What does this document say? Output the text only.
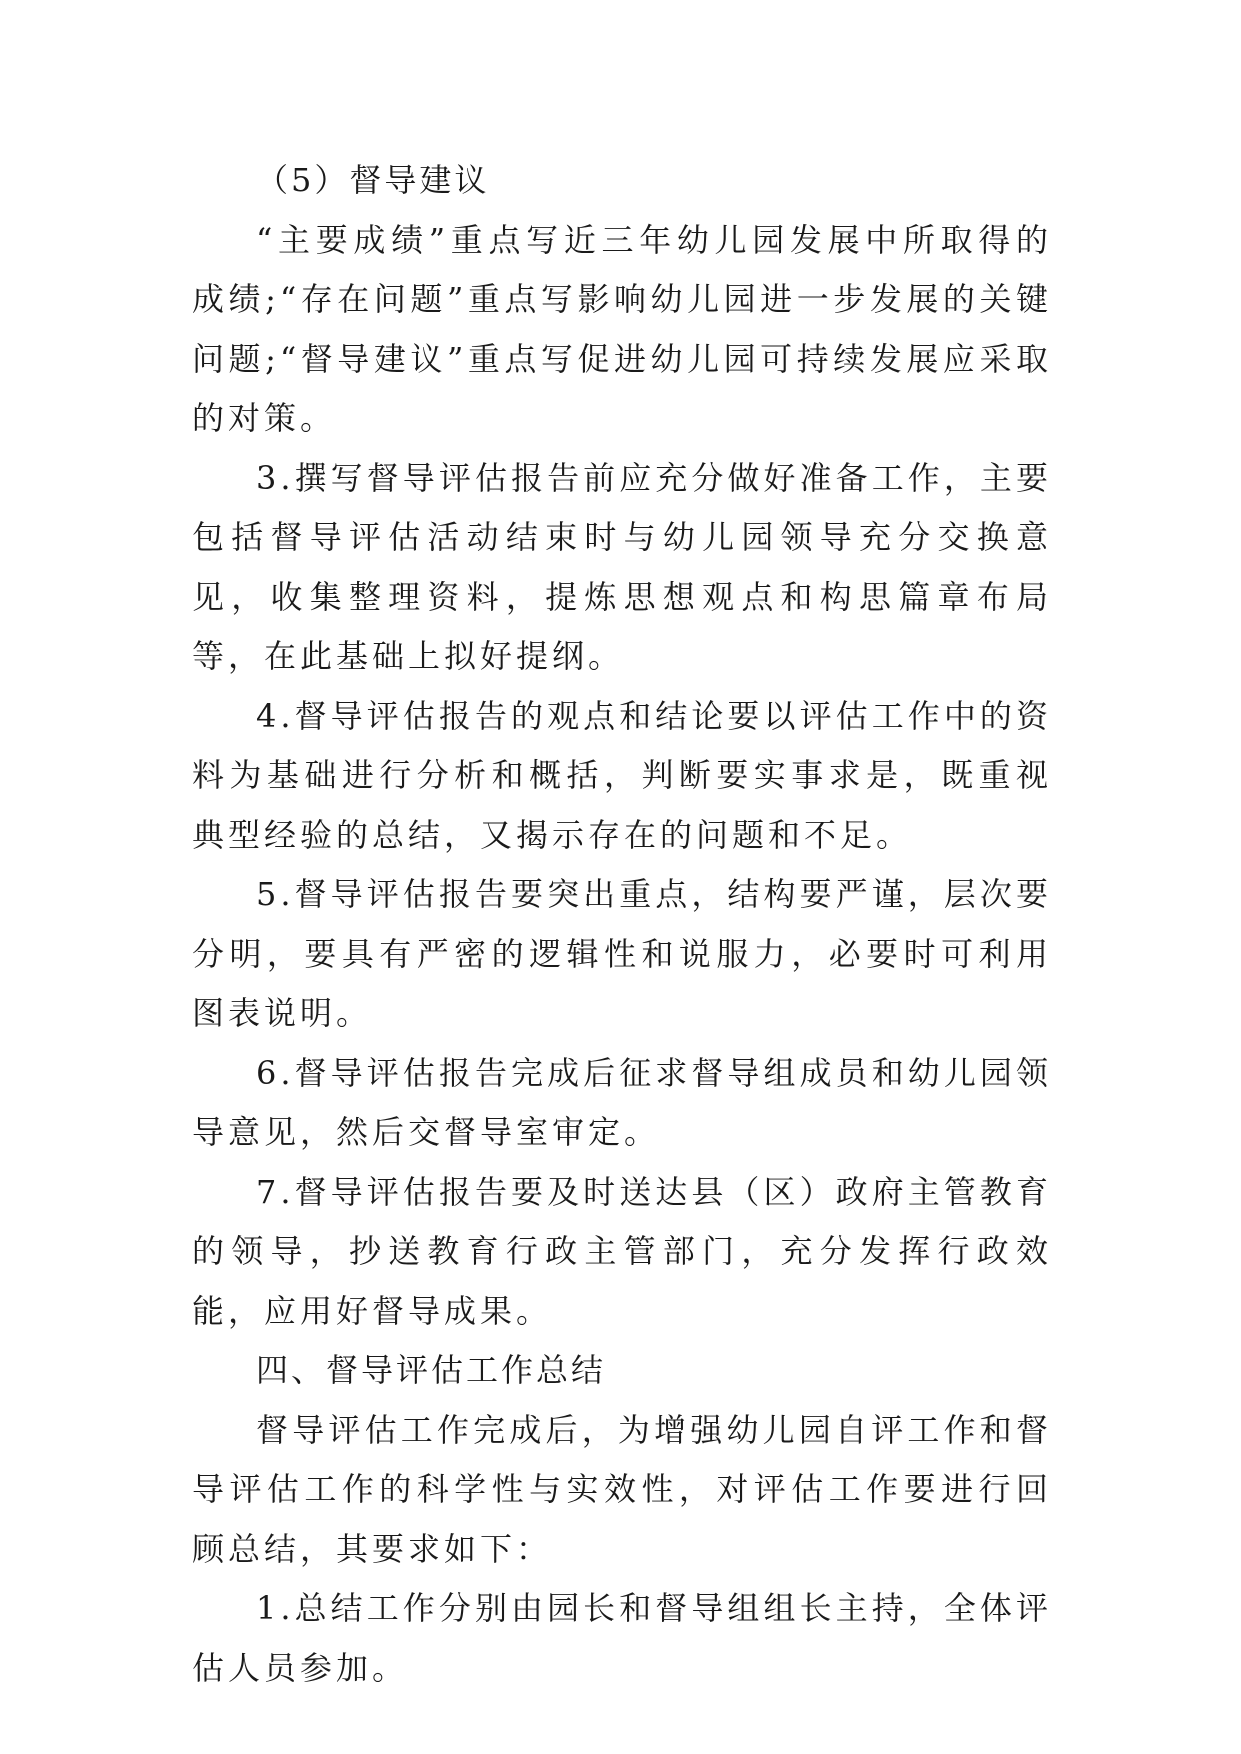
（5）督导建议

“主要成绩”重点写近三年幼儿园发展中所取得的成绩;“存在问题”重点写影响幼儿园进一步发展的关键问题;“督导建议”重点写促进幼儿园可持续发展应采取的对策。

3.撰写督导评估报告前应充分做好准备工作，主要包括督导评估活动结束时与幼儿园领导充分交换意见，收集整理资料，提炼思想观点和构思篇章布局等，在此基础上拟好提纲。

4.督导评估报告的观点和结论要以评估工作中的资料为基础进行分析和概括，判断要实事求是，既重视典型经验的总结，又揭示存在的问题和不足。

5.督导评估报告要突出重点，结构要严谨，层次要分明，要具有严密的逻辑性和说服力，必要时可利用图表说明。

6.督导评估报告完成后征求督导组成员和幼儿园领导意见，然后交督导室审定。

7.督导评估报告要及时送达县（区）政府主管教育的领导，抄送教育行政主管部门，充分发挥行政效能，应用好督导成果。

四、督导评估工作总结

督导评估工作完成后，为增强幼儿园自评工作和督导评估工作的科学性与实效性，对评估工作要进行回顾总结，其要求如下：

1.总结工作分别由园长和督导组组长主持，全体评估人员参加。
